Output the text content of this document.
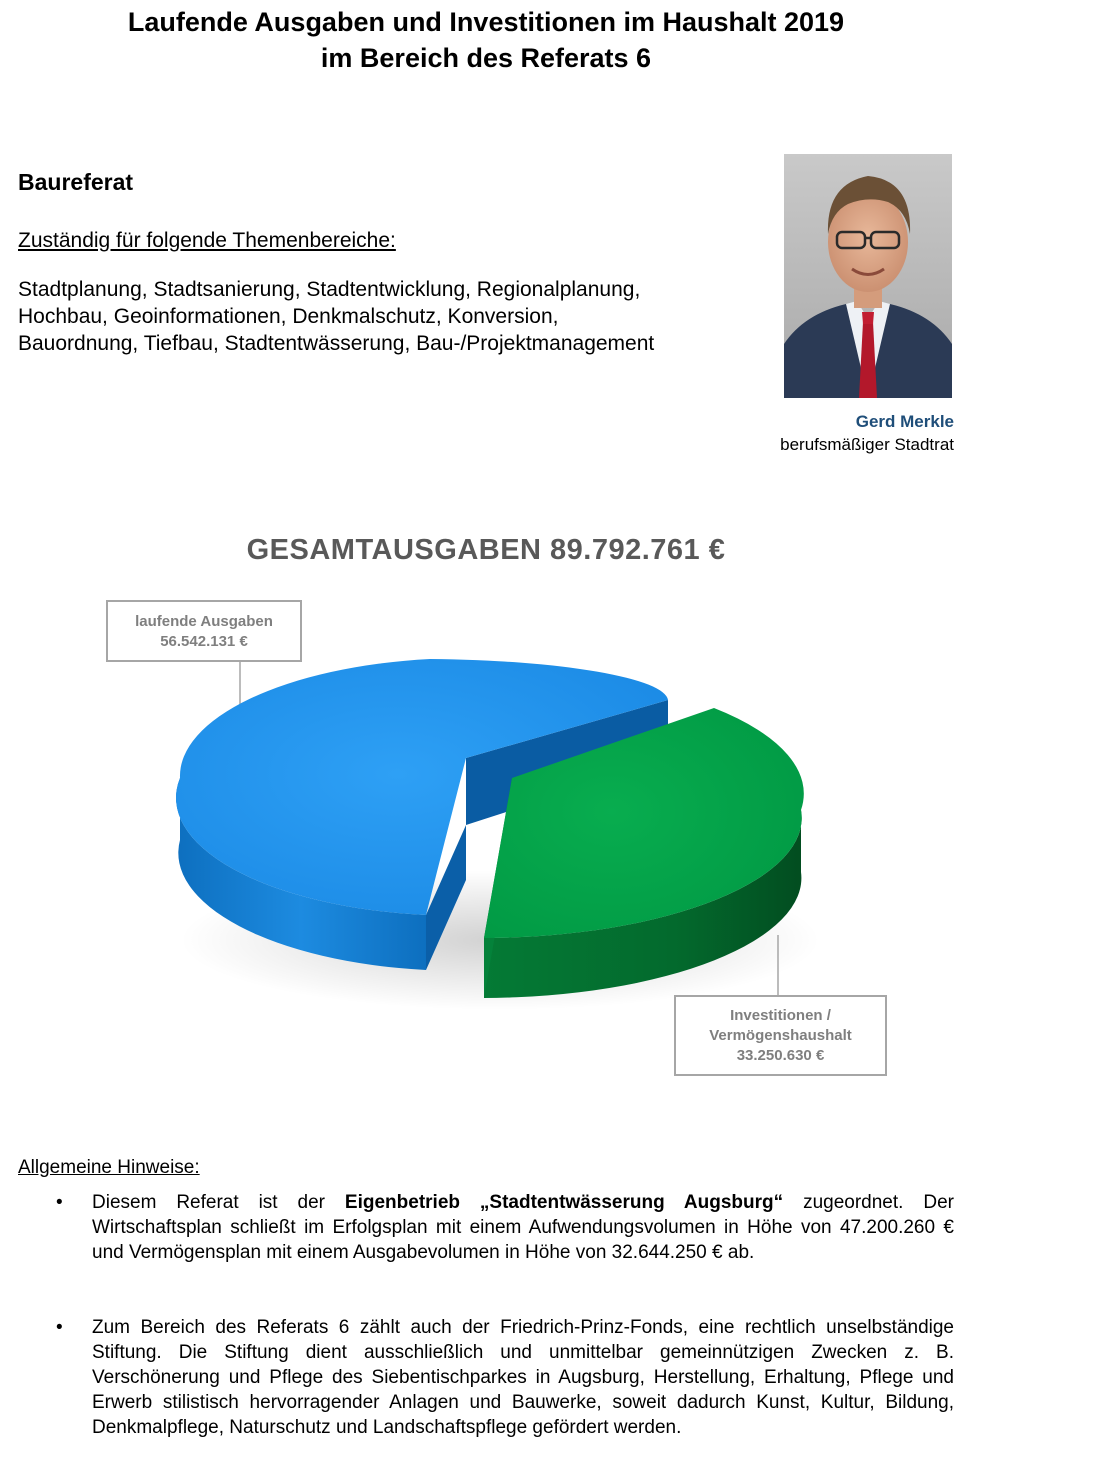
Laufende Ausgaben und Investitionen im Haushalt 2019
im Bereich des Referats 6
Baureferat
Zuständig für folgende Themenbereiche:
Stadtplanung, Stadtsanierung, Stadtentwicklung, Regionalplanung,
Hochbau, Geoinformationen, Denkmalschutz, Konversion,
Bauordnung, Tiefbau, Stadtentwässerung, Bau-/Projektmanagement
Gerd Merkle
berufsmäßiger Stadtrat
GESAMTAUSGABEN 89.792.761 €
laufende Ausgaben
56.542.131 €
Investitionen /
Vermögenshaushalt
33.250.630 €
Allgemeine Hinweise:
• Diesem Referat ist der Eigenbetrieb „Stadtentwässerung Augsburg“ zugeordnet. Der Wirtschaftsplan schließt im Erfolgsplan mit einem Aufwendungsvolumen in Höhe von 47.200.260 € und Vermögensplan mit einem Ausgabevolumen in Höhe von 32.644.250 € ab.
• Zum Bereich des Referats 6 zählt auch der Friedrich-Prinz-Fonds, eine rechtlich unselbständige Stiftung. Die Stiftung dient ausschließlich und unmittelbar gemeinnützigen Zwecken z. B. Verschönerung und Pflege des Siebentischparkes in Augsburg, Herstellung, Erhaltung, Pflege und Erwerb stilistisch hervorragender Anlagen und Bauwerke, soweit dadurch Kunst, Kultur, Bildung, Denkmalpflege, Naturschutz und Landschaftspflege gefördert werden.
